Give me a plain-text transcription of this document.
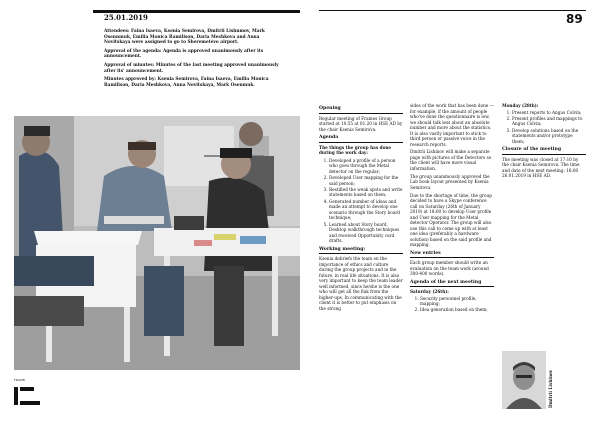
25.01.2019	89
Attendees: Faina Isaeva, Ksenia Semirova, Dmitrii Lishnmov, Mark Osennmuk, Emilia Monica Ramilison, Daria Meshkova and Anna Novitskaya were assigned to go to Sheremetevo airport.
Approval of the agenda: Agenda is approved unanimously after its announcement.
Approval of minutes: Minutes of the last meeting approved unanimously after its' announcement.
Minutes approved by: Ksenia Semirova, Faina Isaeva, Emilia Monica Ramilison, Daria Meshkova, Anna Novitskaya, Mark Osenmuk.
FRAME
Opening

Regular meeting of Frames Group started at 10:55 at 01.20 in HSE AD by the chair Ksenia Semirova.

Agenda

The things the group has done during the work day:

1. Developed a profile of a person who goes through the Metal detector on the regular;
2. Developed User mapping for the said person;
3. Restified the weak spots and write statements based on them;
4. Generated number of ideas and made an attempt to develop one scenario through the Story board technique;
5. Learned about Story board, Desktop walkthrough techniques and received Opportunity card drafts.
Working meeting:

Ksenia debriefs the team on the importance of ethics and culture during the group projects and in the future, in real life situations. It is also very important to keep the team leader well informed, since he/she is the one who will get all the flak from the higher-ups. In communicating with the client it is better to put emphasis on the strong

sides of the work that has been done — for example, if the amount of people who've done the questionnaire is low, we should talk less about an absolute number and more about the statistics. It is also vastly important to stick to third person or passive voice in the research reports.

Dmitrii Lishinov will make a separate page with pictures of the Detectors so the client will have more visual information.

The group unanimously approved the Lab book layout presented by Ksenia Semirova.

Due to the shortage of time, the group decided to have a Skype conference call on Saturday (26th of January 2019) at 18:00 to develop User profile and User mapping for the Metal detector Operator. The group will also use this call to come up with at least one idea (preferably a hardware solution) based on the said profile and mapping.

New entries

Each group member should write an evaluation on the team work (around 300-400 words).

Agenda of the next meeting

Saturday (26th):

1. Security personnel profile, mapping;
2. Idea generation based on them;

Monday (28th):

1. Present reports to Angus Colvin;
2. Present profiles and mappings to Angus Colvin;
3. Develop solutions based on the statements and/or prototype them;
Closure of the meeting

The meeting was closed at 17:10 by the chair Ksenia Semirova. The time and date of the next meeting: 16:00 26.01.2019 in HSE AD.

Dmitrii Lishinov
